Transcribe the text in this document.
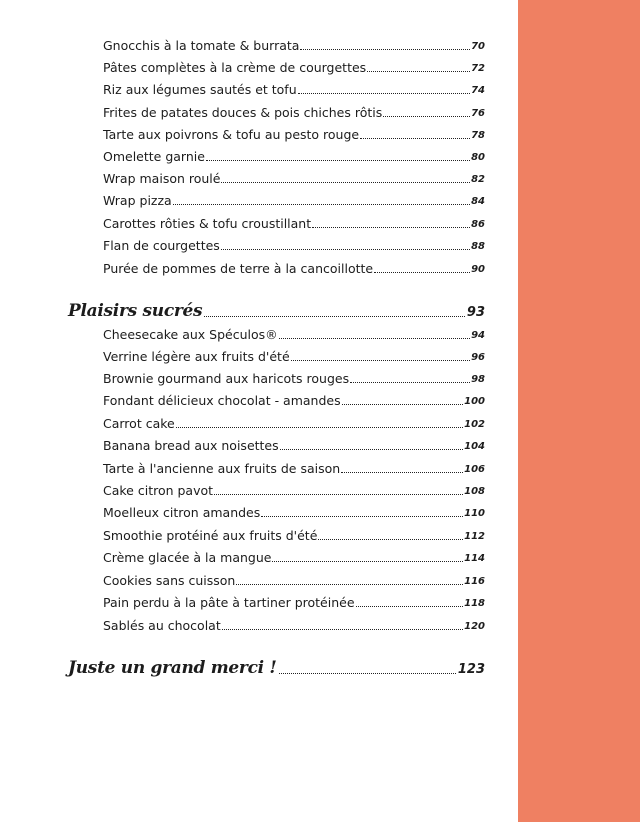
Gnocchis à la tomate & burrata	70
Pâtes complètes à la crème de courgettes	72
Riz aux légumes sautés et tofu	74
Frites de patates douces & pois chiches rôtis	76
Tarte aux poivrons & tofu au pesto rouge	78
Omelette garnie	80
Wrap maison roulé	82
Wrap pizza	84
Carottes rôties & tofu croustillant	86
Flan de courgettes	88
Purée de pommes de terre à la cancoillotte	90
Plaisirs sucrés	93
Cheesecake aux Spéculos®	94
Verrine légère aux fruits d'été	96
Brownie gourmand aux haricots rouges	98
Fondant délicieux chocolat - amandes	100
Carrot cake	102
Banana bread aux noisettes	104
Tarte à l'ancienne aux fruits de saison	106
Cake citron pavot	108
Moelleux citron amandes	110
Smoothie protéiné aux fruits d'été	112
Crème glacée à la mangue	114
Cookies sans cuisson	116
Pain perdu à la pâte à tartiner protéinée	118
Sablés au chocolat	120
Juste un grand merci !	123
